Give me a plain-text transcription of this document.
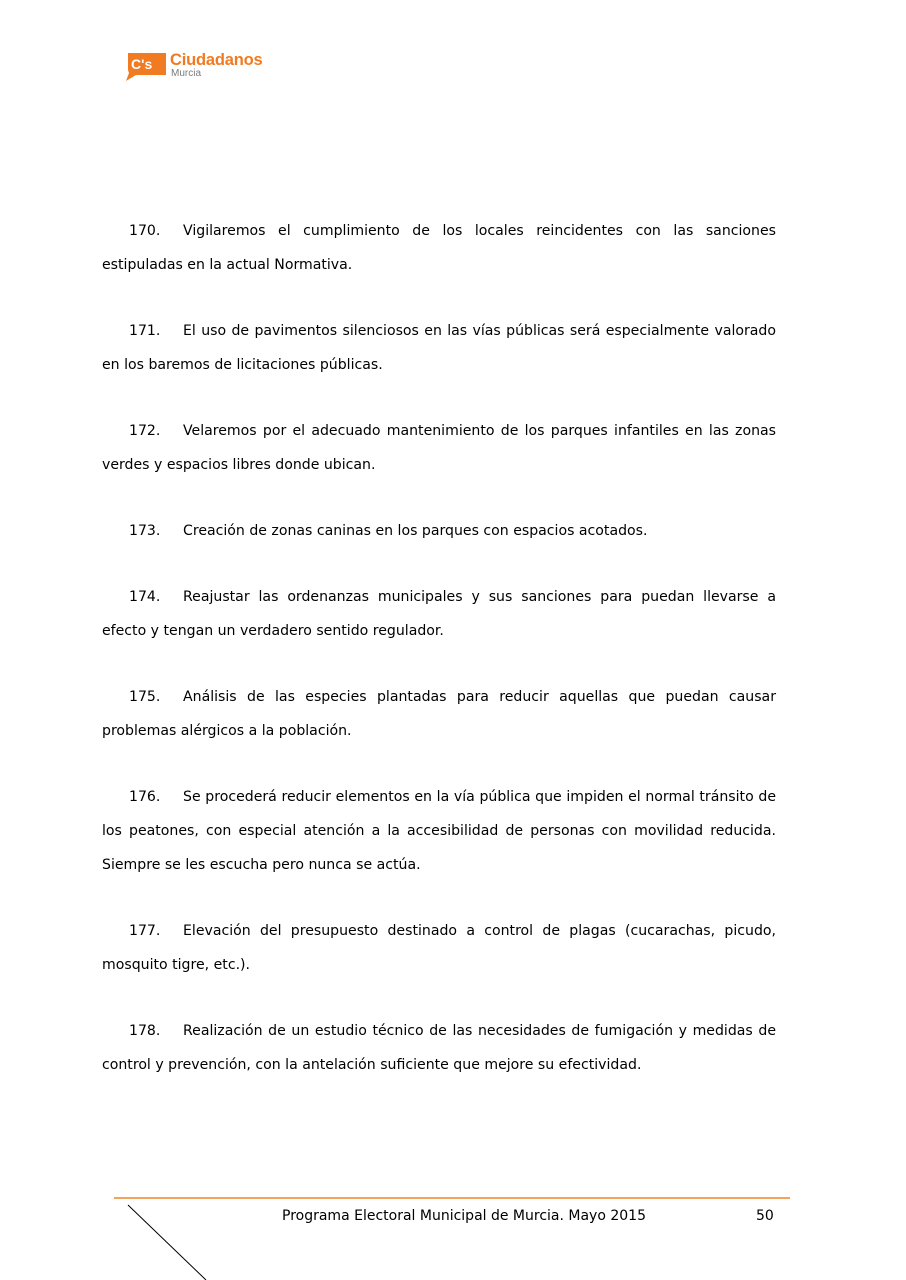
C's Ciudadanos
Murcia

170. Vigilaremos el cumplimiento de los locales reincidentes con las sanciones estipuladas en la actual Normativa.

171. El uso de pavimentos silenciosos en las vías públicas será especialmente valorado en los baremos de licitaciones públicas.

172. Velaremos por el adecuado mantenimiento de los parques infantiles en las zonas verdes y espacios libres donde ubican.

173. Creación de zonas caninas en los parques con espacios acotados.

174. Reajustar las ordenanzas municipales y sus sanciones para puedan llevarse a efecto y tengan un verdadero sentido regulador.

175. Análisis de las especies plantadas para reducir aquellas que puedan causar problemas alérgicos a la población.

176. Se procederá reducir elementos en la vía pública que impiden el normal tránsito de los peatones, con especial atención a la accesibilidad de personas con movilidad reducida. Siempre se les escucha pero nunca se actúa.

177. Elevación del presupuesto destinado a control de plagas (cucarachas, picudo, mosquito tigre, etc.).

178. Realización de un estudio técnico de las necesidades de fumigación y medidas de control y prevención, con la antelación suficiente que mejore su efectividad.

Programa Electoral Municipal de Murcia. Mayo 2015	50
